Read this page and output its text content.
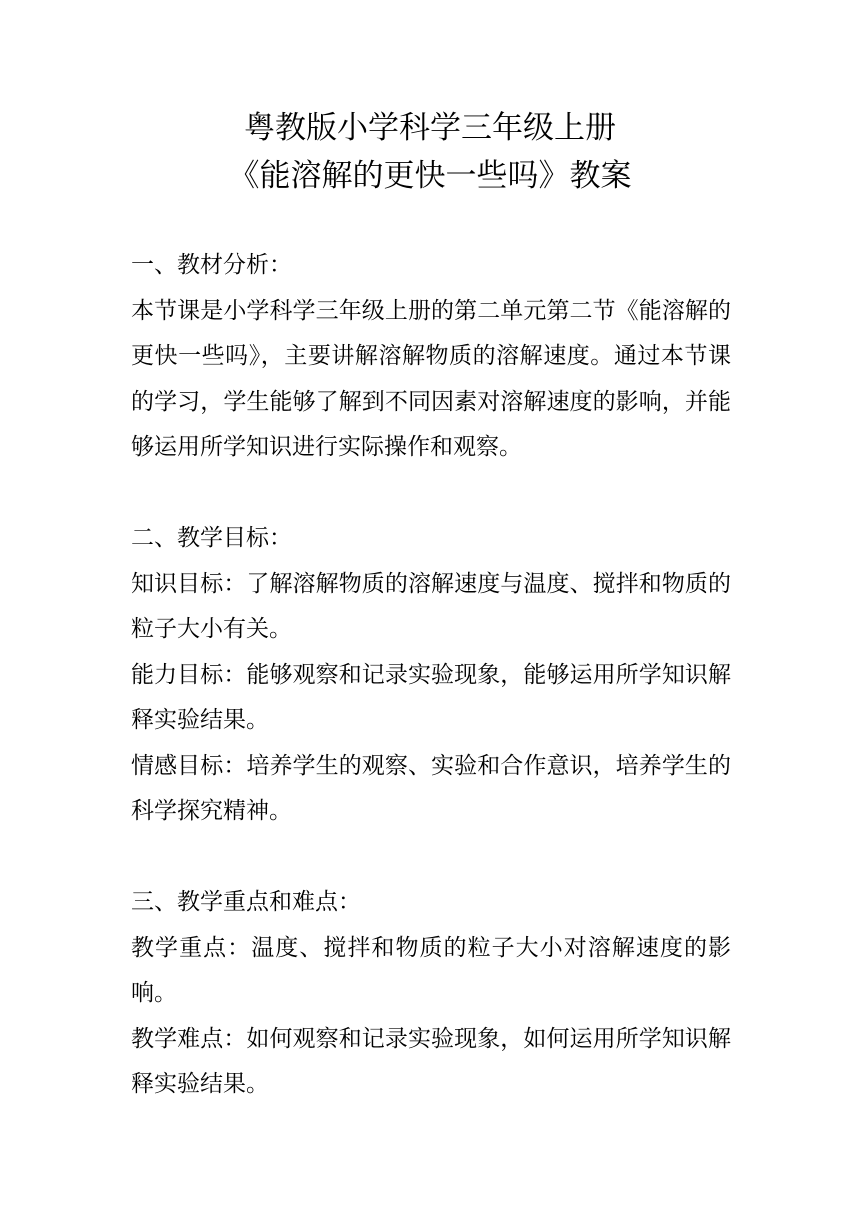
粤教版小学科学三年级上册
《能溶解的更快一些吗》教案

一、教材分析：

本节课是小学科学三年级上册的第二单元第二节《能溶解的更快一些吗》，主要讲解溶解物质的溶解速度。通过本节课的学习，学生能够了解到不同因素对溶解速度的影响，并能够运用所学知识进行实际操作和观察。

二、教学目标：

知识目标：了解溶解物质的溶解速度与温度、搅拌和物质的粒子大小有关。

能力目标：能够观察和记录实验现象，能够运用所学知识解释实验结果。

情感目标：培养学生的观察、实验和合作意识，培养学生的科学探究精神。

三、教学重点和难点：

教学重点：温度、搅拌和物质的粒子大小对溶解速度的影响。

教学难点：如何观察和记录实验现象，如何运用所学知识解释实验结果。
